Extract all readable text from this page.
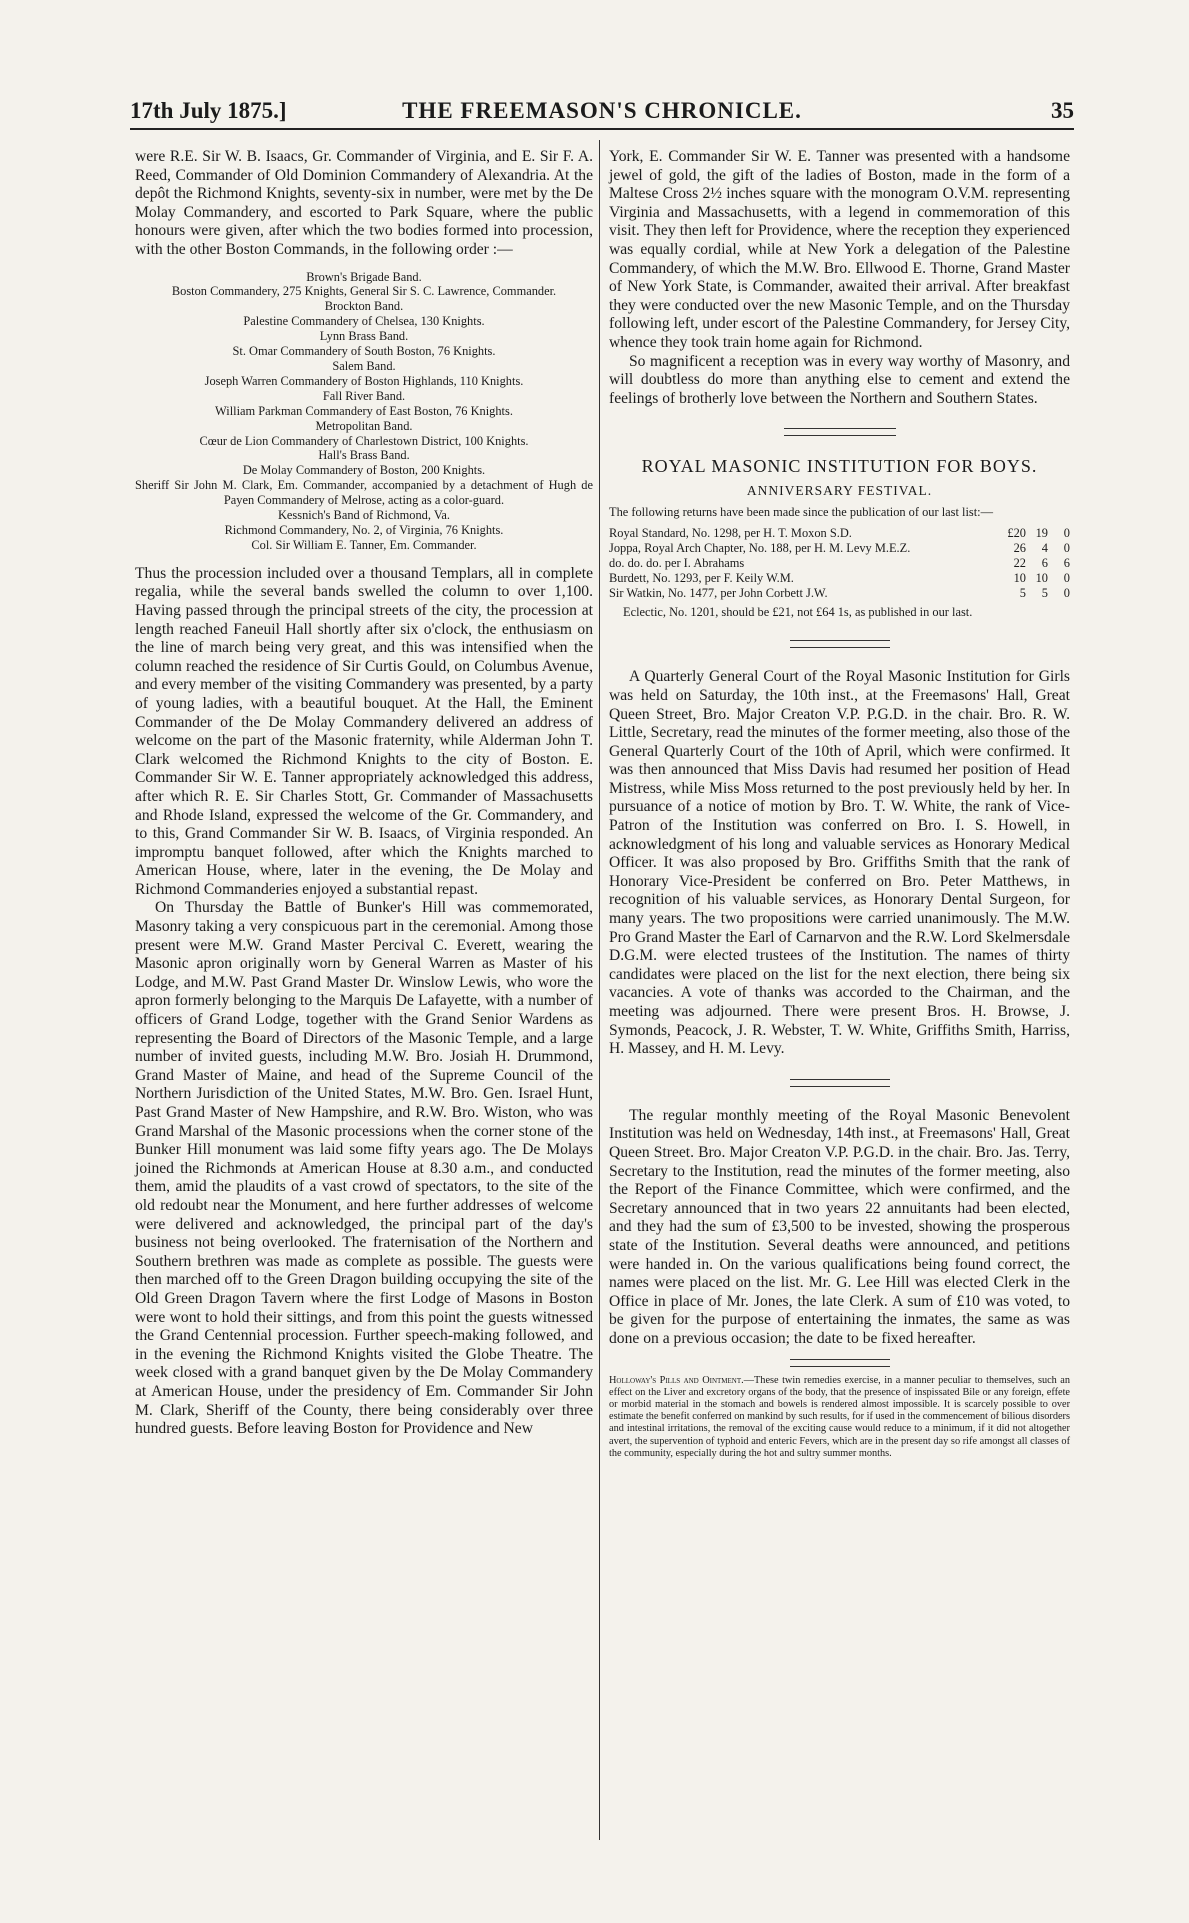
THE FREEMASON'S CHRONICLE.
17th July 1875.]	35

were R.E. Sir W. B. Isaacs, Gr. Commander of Virginia, and E. Sir F. A. Reed, Commander of Old Dominion Commandery of Alexandria. At the depôt the Richmond Knights, seventy-six in number, were met by the De Molay Commandery, and escorted to Park Square, where the public honours were given, after which the two bodies formed into procession, with the other Boston Commands, in the following order :—

Brown's Brigade Band.
Boston Commandery, 275 Knights, General Sir S. C. Lawrence, Commander.
Brockton Band.
Palestine Commandery of Chelsea, 130 Knights.
Lynn Brass Band.
St. Omar Commandery of South Boston, 76 Knights.
Salem Band.
Joseph Warren Commandery of Boston Highlands, 110 Knights.
Fall River Band.
William Parkman Commandery of East Boston, 76 Knights.
Metropolitan Band.
Cœur de Lion Commandery of Charlestown District, 100 Knights.
Hall's Brass Band.
De Molay Commandery of Boston, 200 Knights.
Sheriff Sir John M. Clark, Em. Commander, accompanied by a detachment of Hugh de Payen Commandery of Melrose, acting as a color-guard.
Kessnich's Band of Richmond, Va.
Richmond Commandery, No. 2, of Virginia, 76 Knights.
Col. Sir William E. Tanner, Em. Commander.

Thus the procession included over a thousand Templars, all in complete regalia, while the several bands swelled the column to over 1,100. Having passed through the principal streets of the city, the procession at length reached Faneuil Hall shortly after six o'clock, the enthusiasm on the line of march being very great, and this was intensified when the column reached the residence of Sir Curtis Gould, on Columbus Avenue, and every member of the visiting Commandery was presented, by a party of young ladies, with a beautiful bouquet. At the Hall, the Eminent Commander of the De Molay Commandery delivered an address of welcome on the part of the Masonic fraternity, while Alderman John T. Clark welcomed the Richmond Knights to the city of Boston. E. Commander Sir W. E. Tanner appropriately acknowledged this address, after which R. E. Sir Charles Stott, Gr. Commander of Massachusetts and Rhode Island, expressed the welcome of the Gr. Commandery, and to this, Grand Commander Sir W. B. Isaacs, of Virginia responded. An impromptu banquet followed, after which the Knights marched to American House, where, later in the evening, the De Molay and Richmond Commanderies enjoyed a substantial repast.

On Thursday the Battle of Bunker's Hill was commemorated, Masonry taking a very conspicuous part in the ceremonial. Among those present were M.W. Grand Master Percival C. Everett, wearing the Masonic apron originally worn by General Warren as Master of his Lodge, and M.W. Past Grand Master Dr. Winslow Lewis, who wore the apron formerly belonging to the Marquis De Lafayette, with a number of officers of Grand Lodge, together with the Grand Senior Wardens as representing the Board of Directors of the Masonic Temple, and a large number of invited guests, including M.W. Bro. Josiah H. Drummond, Grand Master of Maine, and head of the Supreme Council of the Northern Jurisdiction of the United States, M.W. Bro. Gen. Israel Hunt, Past Grand Master of New Hampshire, and R.W. Bro. Wiston, who was Grand Marshal of the Masonic processions when the corner stone of the Bunker Hill monument was laid some fifty years ago. The De Molays joined the Richmonds at American House at 8.30 a.m., and conducted them, amid the plaudits of a vast crowd of spectators, to the site of the old redoubt near the Monument, and here further addresses of welcome were delivered and acknowledged, the principal part of the day's business not being overlooked. The fraternisation of the Northern and Southern brethren was made as complete as possible. The guests were then marched off to the Green Dragon building occupying the site of the Old Green Dragon Tavern where the first Lodge of Masons in Boston were wont to hold their sittings, and from this point the guests witnessed the Grand Centennial procession. Further speech-making followed, and in the evening the Richmond Knights visited the Globe Theatre. The week closed with a grand banquet given by the De Molay Commandery at American House, under the presidency of Em. Commander Sir John M. Clark, Sheriff of the County, there being considerably over three hundred guests. Before leaving Boston for Providence and New

York, E. Commander Sir W. E. Tanner was presented with a handsome jewel of gold, the gift of the ladies of Boston, made in the form of a Maltese Cross 2½ inches square with the monogram O.V.M. representing Virginia and Massachusetts, with a legend in commemoration of this visit. They then left for Providence, where the reception they experienced was equally cordial, while at New York a delegation of the Palestine Commandery, of which the M.W. Bro. Ellwood E. Thorne, Grand Master of New York State, is Commander, awaited their arrival. After breakfast they were conducted over the new Masonic Temple, and on the Thursday following left, under escort of the Palestine Commandery, for Jersey City, whence they took train home again for Richmond.

So magnificent a reception was in every way worthy of Masonry, and will doubtless do more than anything else to cement and extend the feelings of brotherly love between the Northern and Southern States.

ROYAL MASONIC INSTITUTION FOR BOYS.
ANNIVERSARY FESTIVAL.
The following returns have been made since the publication of our last list:—
Royal Standard, No. 1298, per H. T. Moxon S.D.	£20	19	0
Joppa, Royal Arch Chapter, No. 188, per H. M. Levy M.E.Z.	26	4	0
do. do. do. per I. Abrahams	22	6	6
Burdett, No. 1293, per F. Keily W.M.	10	10	0
Sir Watkin, No. 1477, per John Corbett J.W.	5	5	0
Eclectic, No. 1201, should be £21, not £64 1s, as published in our last.

A Quarterly General Court of the Royal Masonic Institution for Girls was held on Saturday, the 10th inst., at the Freemasons' Hall, Great Queen Street, Bro. Major Creaton V.P. P.G.D. in the chair. Bro. R. W. Little, Secretary, read the minutes of the former meeting, also those of the General Quarterly Court of the 10th of April, which were confirmed. It was then announced that Miss Davis had resumed her position of Head Mistress, while Miss Moss returned to the post previously held by her. In pursuance of a notice of motion by Bro. T. W. White, the rank of Vice-Patron of the Institution was conferred on Bro. I. S. Howell, in acknowledgment of his long and valuable services as Honorary Medical Officer. It was also proposed by Bro. Griffiths Smith that the rank of Honorary Vice-President be conferred on Bro. Peter Matthews, in recognition of his valuable services, as Honorary Dental Surgeon, for many years. The two propositions were carried unanimously. The M.W. Pro Grand Master the Earl of Carnarvon and the R.W. Lord Skelmersdale D.G.M. were elected trustees of the Institution. The names of thirty candidates were placed on the list for the next election, there being six vacancies. A vote of thanks was accorded to the Chairman, and the meeting was adjourned. There were present Bros. H. Browse, J. Symonds, Peacock, J. R. Webster, T. W. White, Griffiths Smith, Harriss, H. Massey, and H. M. Levy.

The regular monthly meeting of the Royal Masonic Benevolent Institution was held on Wednesday, 14th inst., at Freemasons' Hall, Great Queen Street. Bro. Major Creaton V.P. P.G.D. in the chair. Bro. Jas. Terry, Secretary to the Institution, read the minutes of the former meeting, also the Report of the Finance Committee, which were confirmed, and the Secretary announced that in two years 22 annuitants had been elected, and they had the sum of £3,500 to be invested, showing the prosperous state of the Institution. Several deaths were announced, and petitions were handed in. On the various qualifications being found correct, the names were placed on the list. Mr. G. Lee Hill was elected Clerk in the Office in place of Mr. Jones, the late Clerk. A sum of £10 was voted, to be given for the purpose of entertaining the inmates, the same as was done on a previous occasion; the date to be fixed hereafter.

Holloway's Pills and Ointment.—These twin remedies exercise, in a manner peculiar to themselves, such an effect on the Liver and excretory organs of the body, that the presence of inspissated Bile or any foreign, effete or morbid material in the stomach and bowels is rendered almost impossible. It is scarcely possible to over estimate the benefit conferred on mankind by such results, for if used in the commencement of bilious disorders and intestinal irritations, the removal of the exciting cause would reduce to a minimum, if it did not altogether avert, the supervention of typhoid and enteric Fevers, which are in the present day so rife amongst all classes of the community, especially during the hot and sultry summer months.
